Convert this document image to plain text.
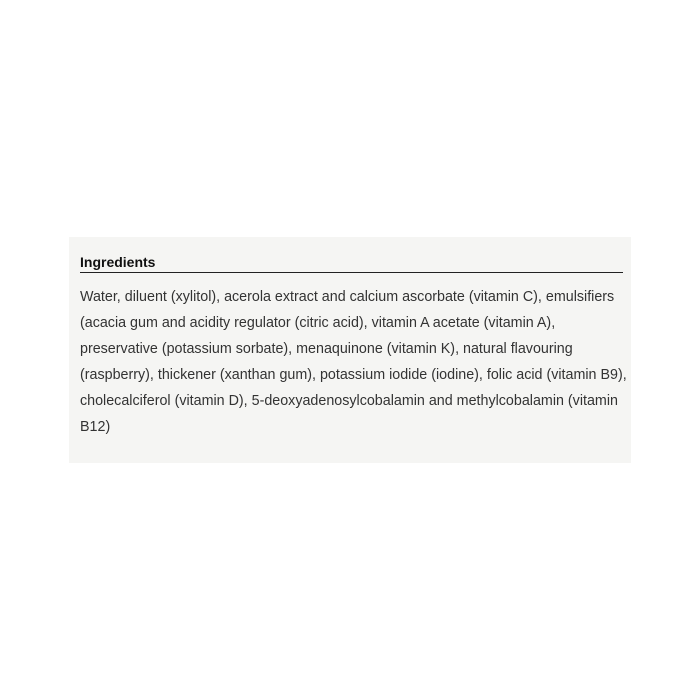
Ingredients

Water, diluent (xylitol), acerola extract and calcium ascorbate (vitamin C), emulsifiers (acacia gum and acidity regulator (citric acid), vitamin A acetate (vitamin A), preservative (potassium sorbate), menaquinone (vitamin K), natural flavouring (raspberry), thickener (xanthan gum), potassium iodide (iodine), folic acid (vitamin B9), cholecalciferol (vitamin D), 5-deoxyadenosylcobalamin and methylcobalamin (vitamin B12)
